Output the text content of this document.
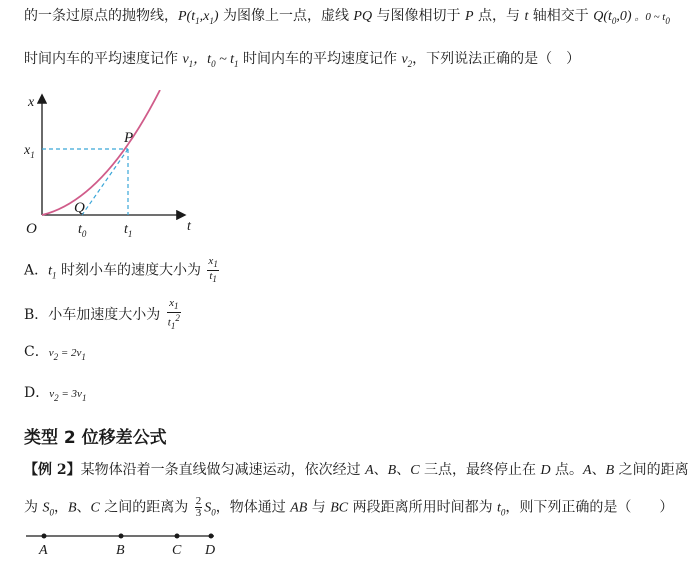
的一条过原点的抛物线，$P(t_1,x_1)$ 为图像上一点，虚线 PQ 与图像相切于 P 点，与 t 轴相交于 $Q(t_0,0)$ 。0 ~ $t_0$
时间内车的平均速度记作 $v_1$，$t_0$ ~ $t_1$ 时间内车的平均速度记作 $v_2$，下列说法正确的是（　）
x
t
O
P
Q
$x_1$
$t_0$	$t_1$
A．$t_1$ 时刻小车的速度大小为 $\frac{x_1}{t_1}$
B．小车加速度大小为 $\frac{x_1}{t_1^2}$
C．$v_2 = 2v_1$
D．$v_2 = 3v_1$
类型 2 位移差公式
【例 2】某物体沿着一条直线做匀减速运动，依次经过 A、B、C 三点，最终停止在 D 点。A、B 之间的距离
为 $S_0$，B、C 之间的距离为 $\frac{2}{3} S_0$，物体通过 AB 与 BC 两段距离所用时间都为 $t_0$，则下列正确的是（　　）
A	B	C D
